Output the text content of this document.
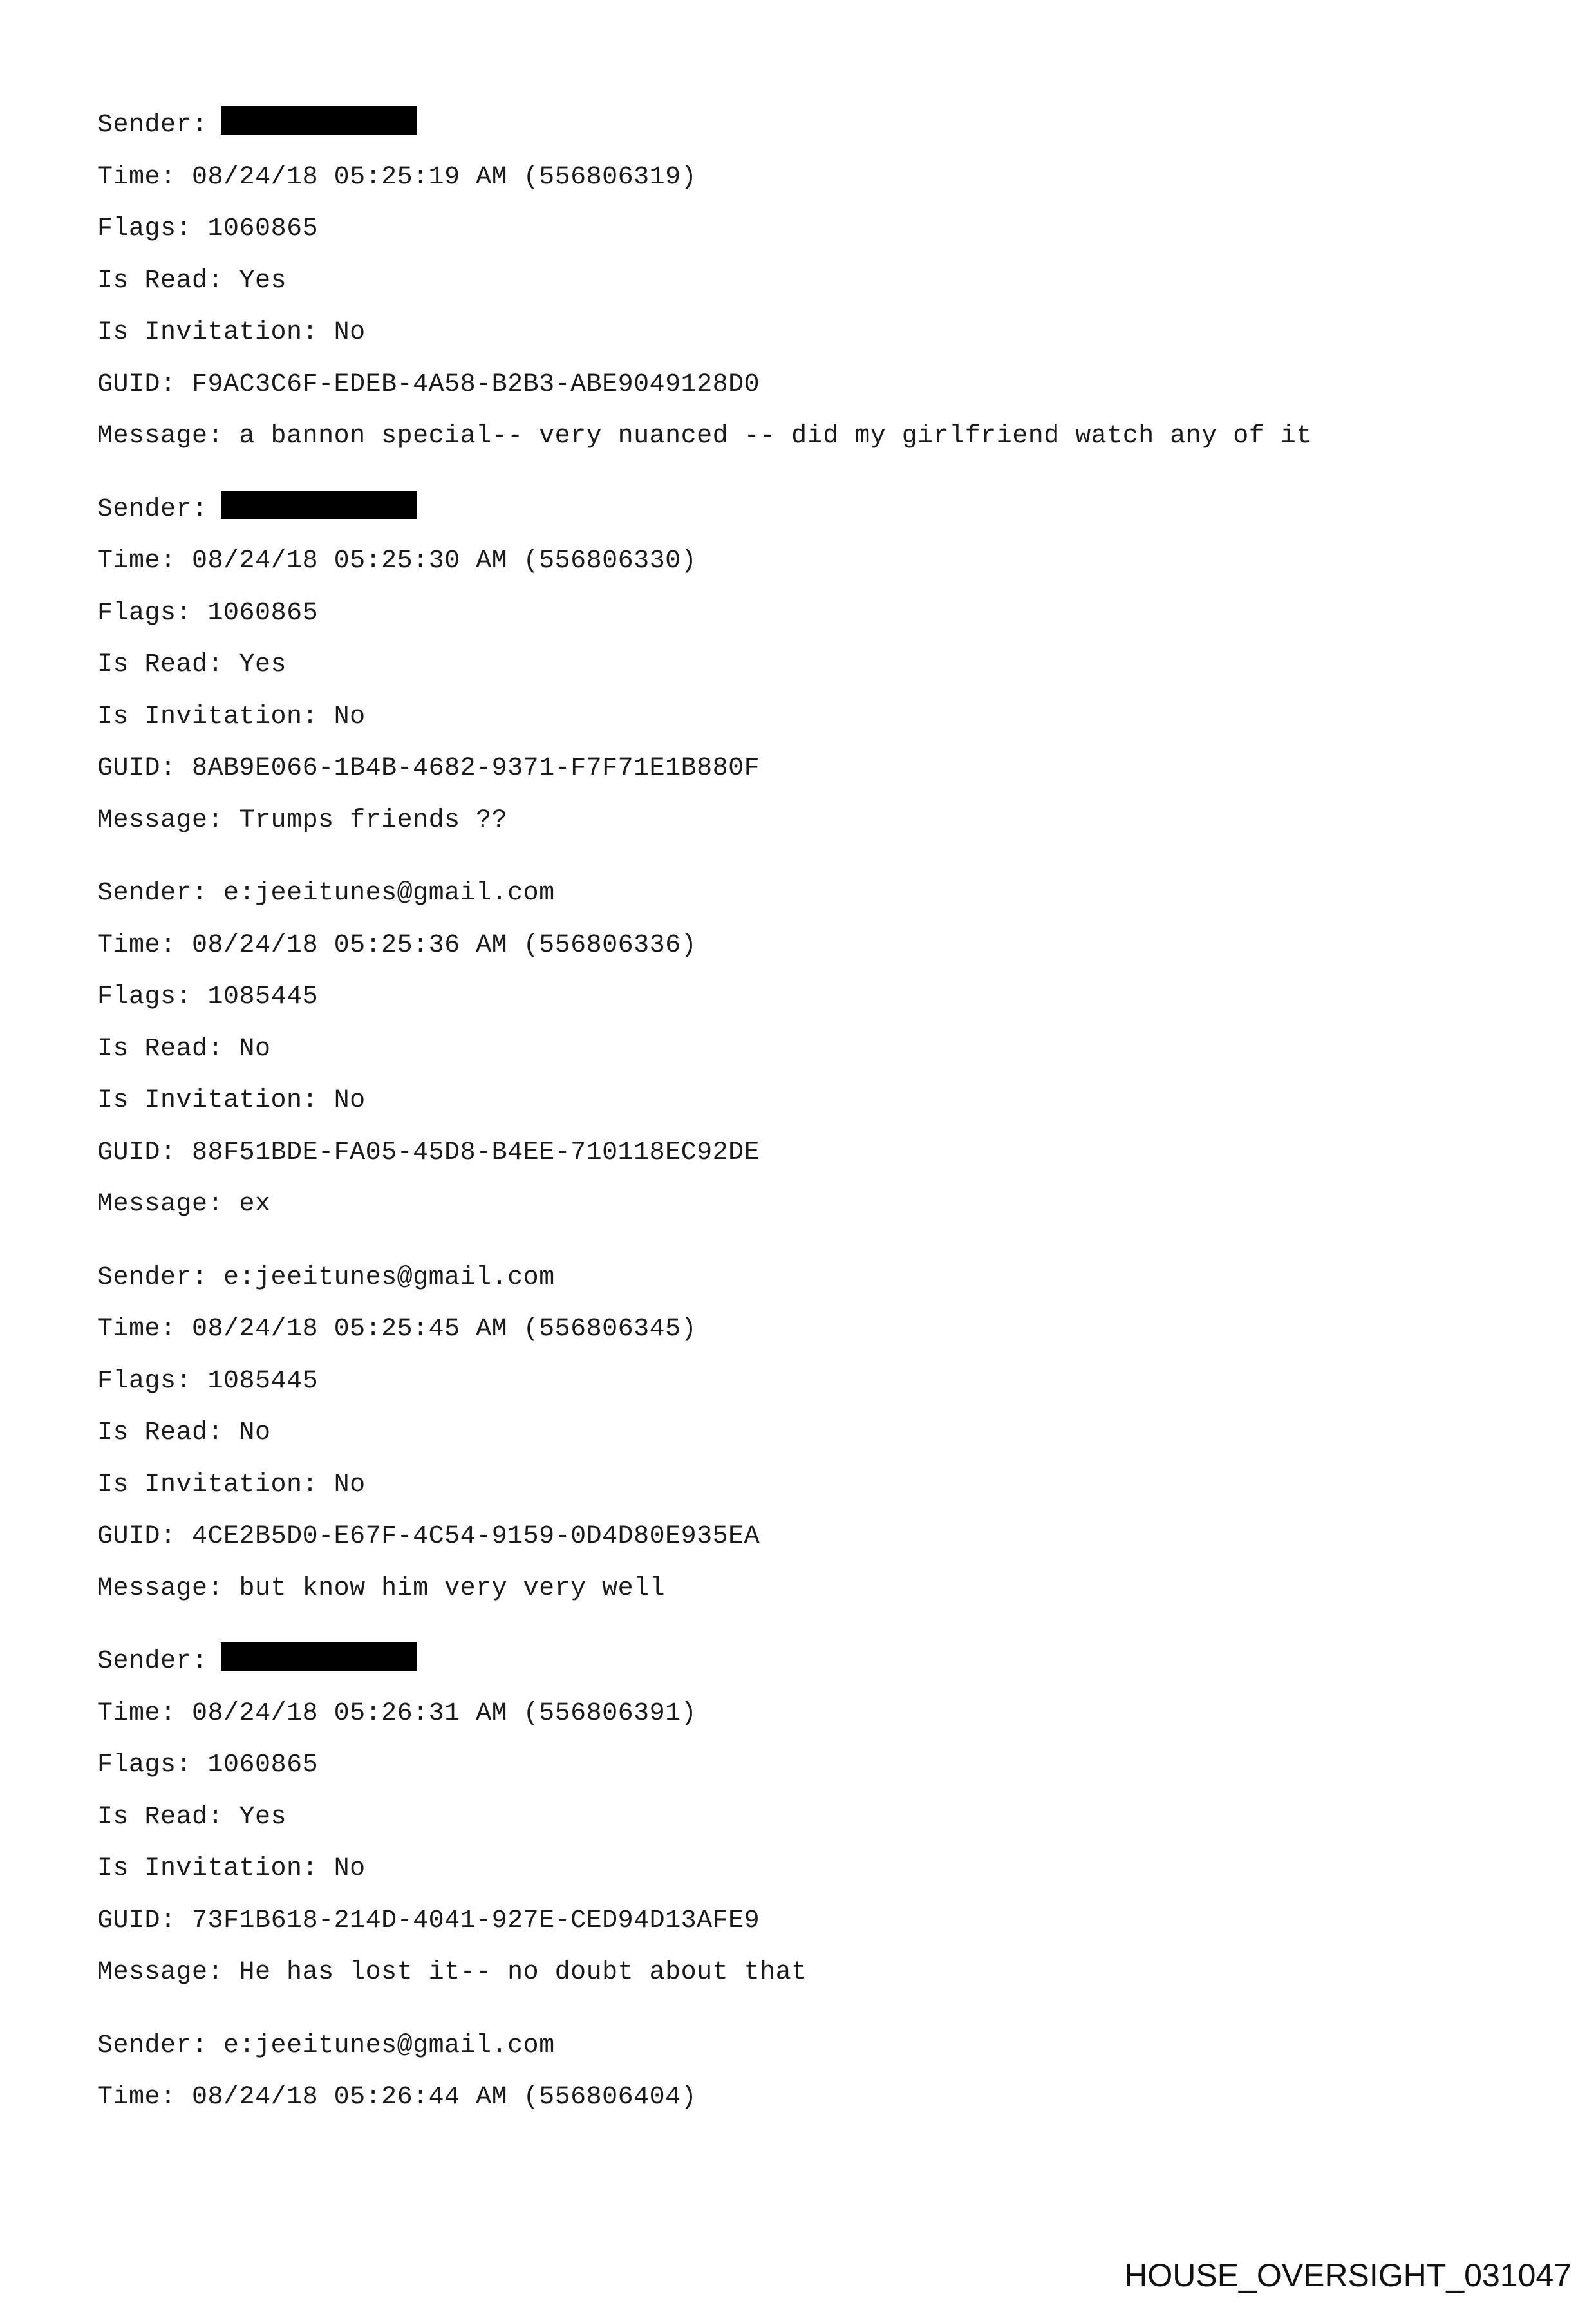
Sender:
Time: 08/24/18 05:25:19 AM (556806319)
Flags: 1060865
Is Read: Yes
Is Invitation: No
GUID: F9AC3C6F-EDEB-4A58-B2B3-ABE9049128D0
Message: a bannon special-- very nuanced -- did my girlfriend watch any of it
Sender:
Time: 08/24/18 05:25:30 AM (556806330)
Flags: 1060865
Is Read: Yes
Is Invitation: No
GUID: 8AB9E066-1B4B-4682-9371-F7F71E1B880F
Message: Trumps friends ??
Sender: e:jeeitunes@gmail.com
Time: 08/24/18 05:25:36 AM (556806336)
Flags: 1085445
Is Read: No
Is Invitation: No
GUID: 88F51BDE-FA05-45D8-B4EE-710118EC92DE
Message: ex
Sender: e:jeeitunes@gmail.com
Time: 08/24/18 05:25:45 AM (556806345)
Flags: 1085445
Is Read: No
Is Invitation: No
GUID: 4CE2B5D0-E67F-4C54-9159-0D4D80E935EA
Message: but know him very very well
Sender:
Time: 08/24/18 05:26:31 AM (556806391)
Flags: 1060865
Is Read: Yes
Is Invitation: No
GUID: 73F1B618-214D-4041-927E-CED94D13AFE9
Message: He has lost it-- no doubt about that
Sender: e:jeeitunes@gmail.com
Time: 08/24/18 05:26:44 AM (556806404)
HOUSE_OVERSIGHT_031047
